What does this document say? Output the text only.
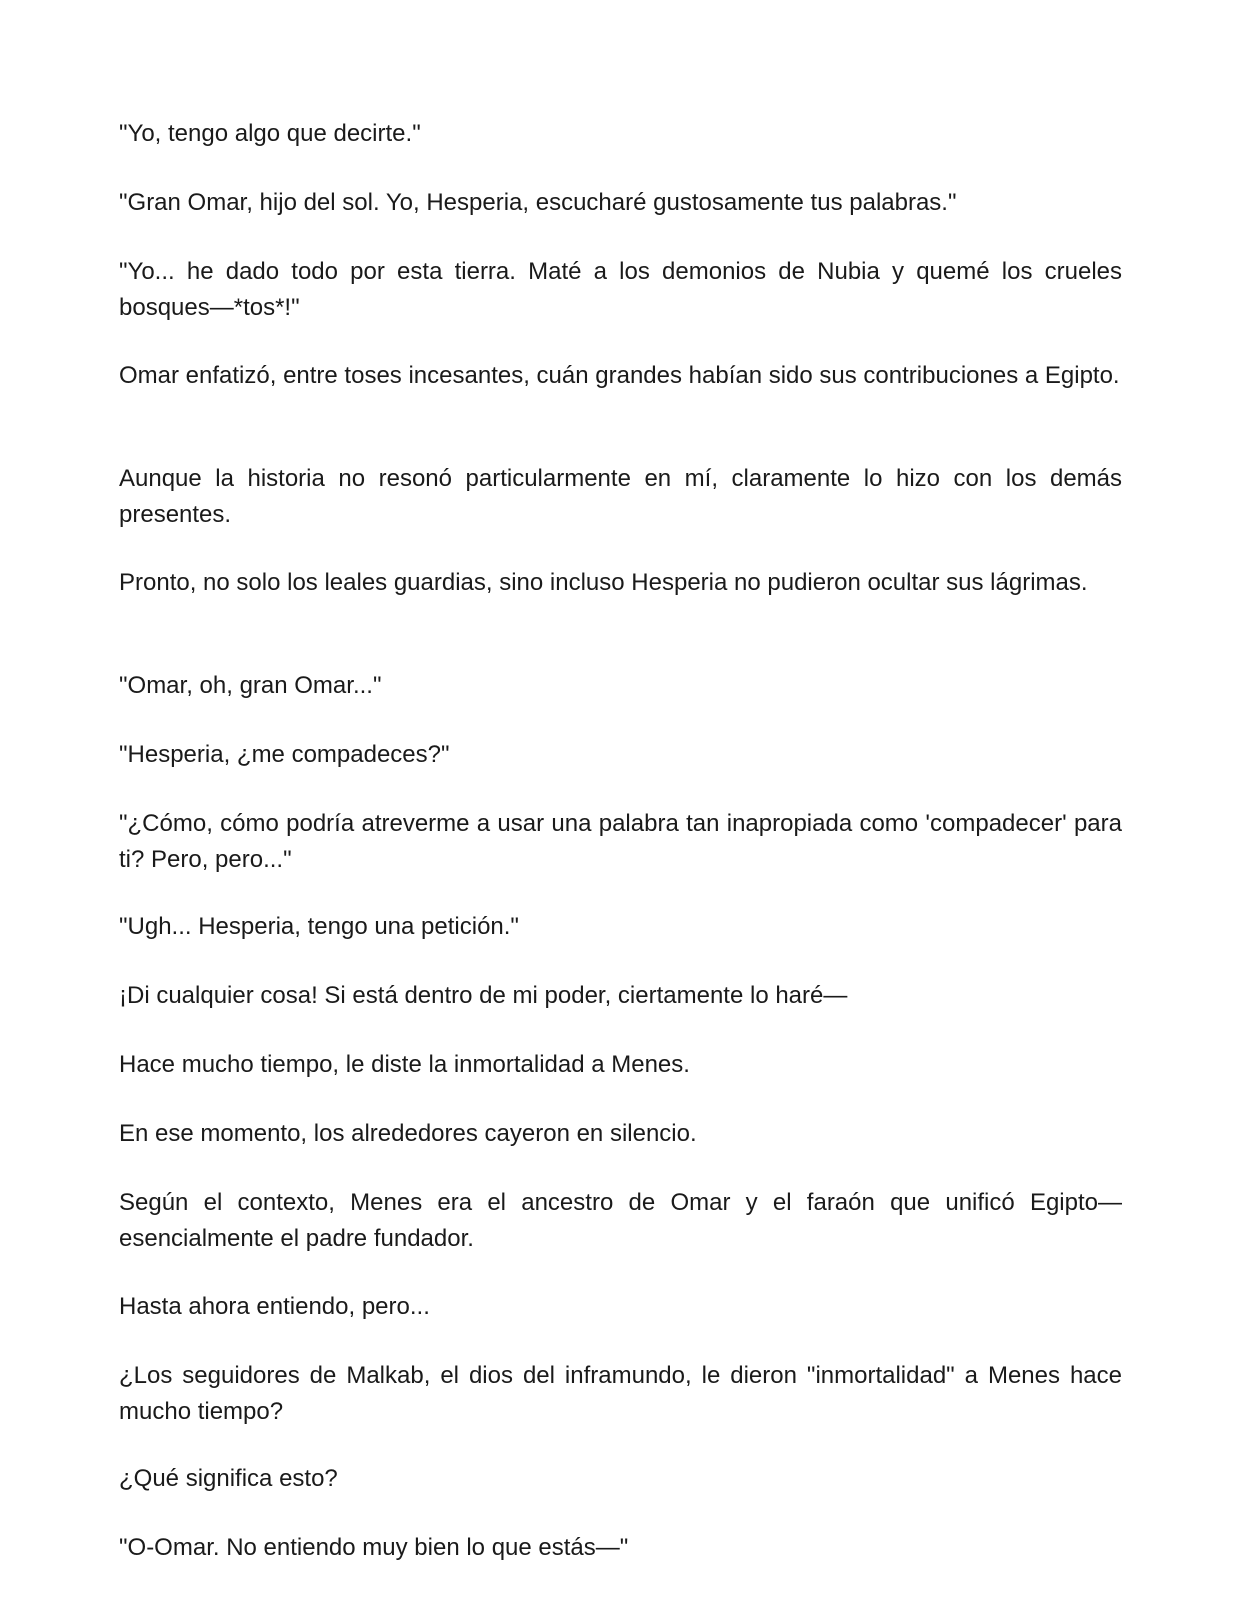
"Yo, tengo algo que decirte."

"Gran Omar, hijo del sol. Yo, Hesperia, escucharé gustosamente tus palabras."

"Yo... he dado todo por esta tierra. Maté a los demonios de Nubia y quemé los crueles bosques—*tos*!"

Omar enfatizó, entre toses incesantes, cuán grandes habían sido sus contribuciones a Egipto.

Aunque la historia no resonó particularmente en mí, claramente lo hizo con los demás presentes.

Pronto, no solo los leales guardias, sino incluso Hesperia no pudieron ocultar sus lágrimas.

"Omar, oh, gran Omar..."

"Hesperia, ¿me compadeces?"

"¿Cómo, cómo podría atreverme a usar una palabra tan inapropiada como 'compadecer' para ti? Pero, pero..."

"Ugh... Hesperia, tengo una petición."

¡Di cualquier cosa! Si está dentro de mi poder, ciertamente lo haré—

Hace mucho tiempo, le diste la inmortalidad a Menes.

En ese momento, los alrededores cayeron en silencio.

Según el contexto, Menes era el ancestro de Omar y el faraón que unificó Egipto—esencialmente el padre fundador.

Hasta ahora entiendo, pero...

¿Los seguidores de Malkab, el dios del inframundo, le dieron "inmortalidad" a Menes hace mucho tiempo?

¿Qué significa esto?

"O-Omar. No entiendo muy bien lo que estás—"
